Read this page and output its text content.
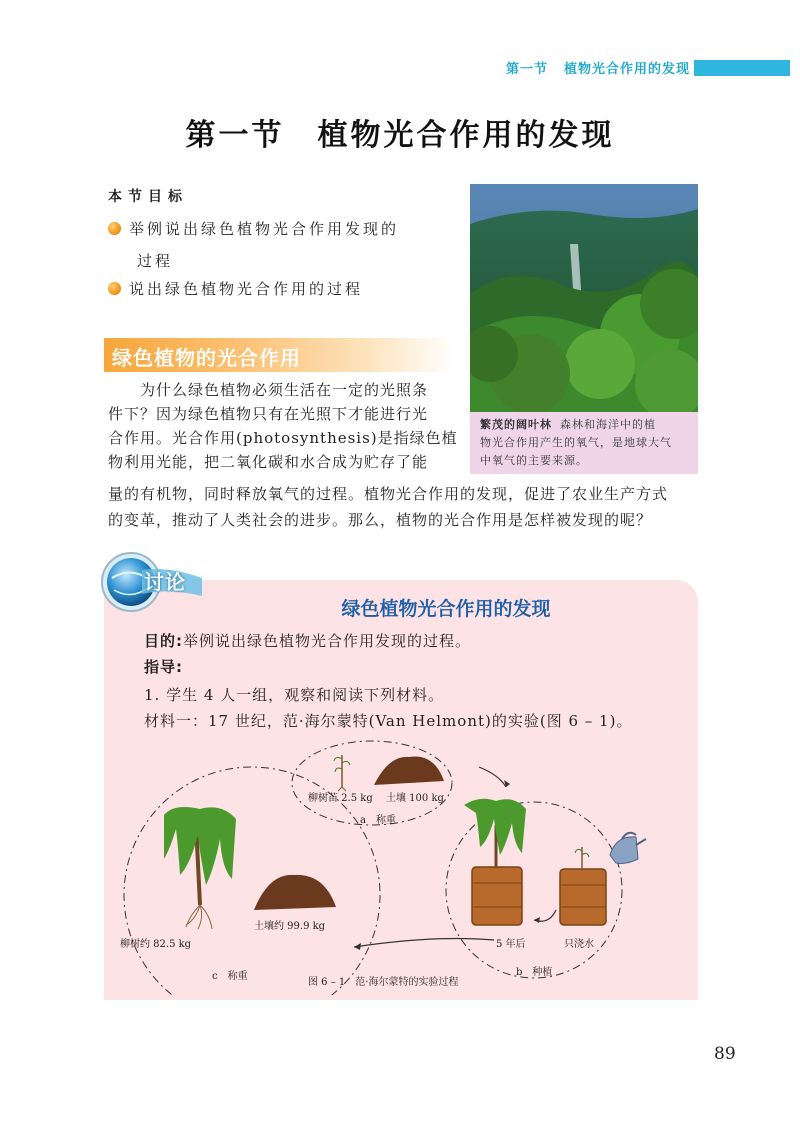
第一节 植物光合作用的发现
第一节　植物光合作用的发现
本节目标
举例说出绿色植物光合作用发现的
过程
说出绿色植物光合作用的过程
绿色植物的光合作用
繁茂的阔叶林 森林和海洋中的植
物光合作用产生的氧气，是地球大气
中氧气的主要来源。
　　为什么绿色植物必须生活在一定的光照条
件下？因为绿色植物只有在光照下才能进行光
合作用。光合作用(photosynthesis)是指绿色植
物利用光能，把二氧化碳和水合成为贮存了能
量的有机物，同时释放氧气的过程。植物光合作用的发现，促进了农业生产方式
的变革，推动了人类社会的进步。那么，植物的光合作用是怎样被发现的呢？
讨论
绿色植物光合作用的发现
目的:举例说出绿色植物光合作用发现的过程。
指导:
1. 学生 4 人一组，观察和阅读下列材料。
材料一：17 世纪，范·海尔蒙特(Van Helmont)的实验(图 6 – 1)。
柳树苗 2.5 kg 土壤 100 kg
a　称重
5 年后	只浇水
b　种植
柳树约 82.5 kg
土壤约 99.9 kg
c　称重
图 6 – 1　范·海尔蒙特的实验过程
89
